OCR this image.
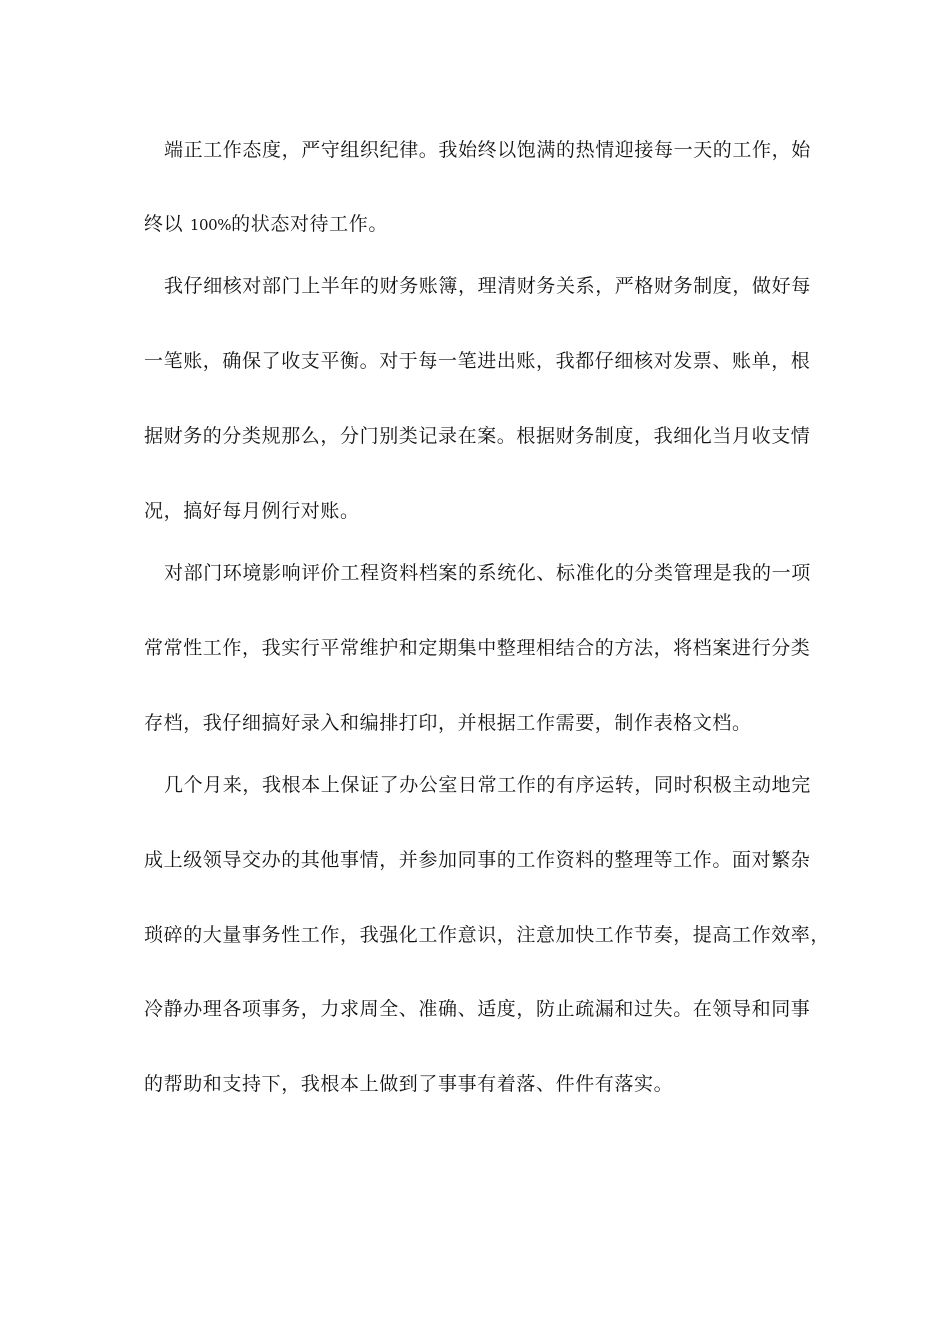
端正工作态度，严守组织纪律。我始终以饱满的热情迎接每一天的工作，始
终以 100%的状态对待工作。
我仔细核对部门上半年的财务账簿，理清财务关系，严格财务制度，做好每
一笔账，确保了收支平衡。对于每一笔进出账，我都仔细核对发票、账单，根
据财务的分类规那么，分门别类记录在案。根据财务制度，我细化当月收支情
况，搞好每月例行对账。
对部门环境影响评价工程资料档案的系统化、标准化的分类管理是我的一项
常常性工作，我实行平常维护和定期集中整理相结合的方法，将档案进行分类
存档，我仔细搞好录入和编排打印，并根据工作需要，制作表格文档。
几个月来，我根本上保证了办公室日常工作的有序运转，同时积极主动地完
成上级领导交办的其他事情，并参加同事的工作资料的整理等工作。面对繁杂
琐碎的大量事务性工作，我强化工作意识，注意加快工作节奏，提高工作效率，
冷静办理各项事务，力求周全、准确、适度，防止疏漏和过失。在领导和同事
的帮助和支持下，我根本上做到了事事有着落、件件有落实。
